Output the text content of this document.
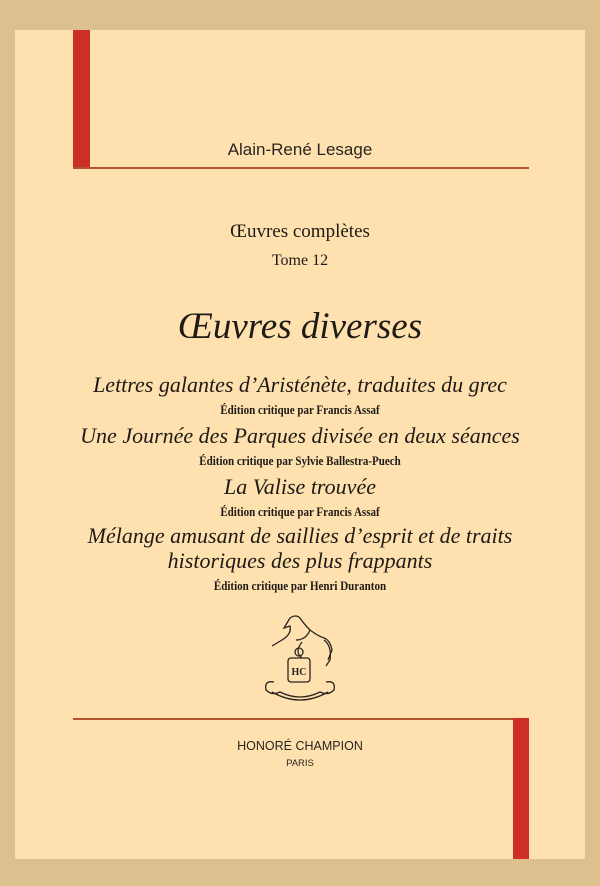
Alain-René Lesage
Œuvres complètes
Tome 12
Œuvres diverses
Lettres galantes d’Aristénète, traduites du grec
Édition critique par Francis Assaf
Une Journée des Parques divisée en deux séances
Édition critique par Sylvie Ballestra-Puech
La Valise trouvée
Édition critique par Francis Assaf
Mélange amusant de saillies d’esprit et de traits
historiques des plus frappants
Édition critique par Henri Duranton
HC
HONORÉ CHAMPION
PARIS
